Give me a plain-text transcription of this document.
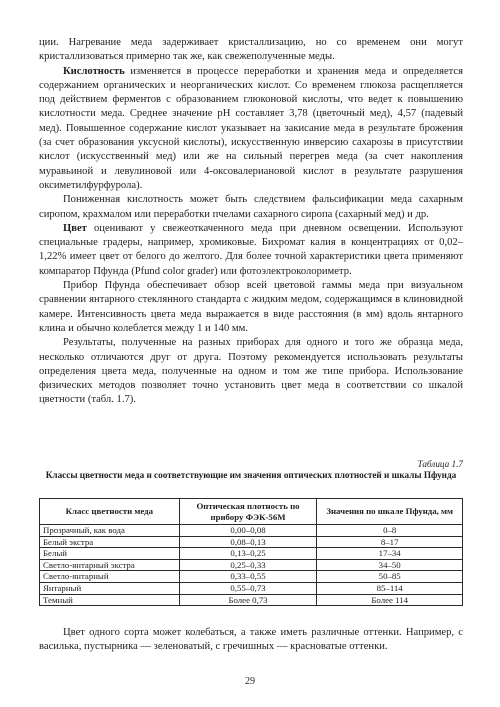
ции. Нагревание меда задерживает кристаллизацию, но со временем они могут кристаллизоваться примерно так же, как свежеполученные меды.

Кислотность изменяется в процессе переработки и хранения меда и определяется содержанием органических и неорганических кислот. Со временем глюкоза расщепляется под действием ферментов с образованием глюконовой кислоты, что ведет к повышению кислотности меда. Среднее значение рН составляет 3,78 (цветочный мед), 4,57 (падевый мед). Повышенное содержание кислот указывает на закисание меда в результате брожения (за счет образования уксусной кислоты), искусственную инверсию сахарозы в присутствии кислот (искусственный мед) или же на сильный перегрев меда (за счет накопления муравьиной и левулиновой или 4-оксовалериановой кислот в результате разрушения оксиметилфурфурола).

Пониженная кислотность может быть следствием фальсификации меда сахарным сиропом, крахмалом или переработки пчелами сахарного сиропа (сахарный мед) и др.

Цвет оценивают у свежеоткаченного меда при дневном освещении. Используют специальные градеры, например, хромиковые. Бихромат калия в концентрациях от 0,02–1,22% имеет цвет от белого до желтого. Для более точной характеристики цвета применяют компаратор Пфунда (Pfund color grader) или фотоэлектроколориметр.

Прибор Пфунда обеспечивает обзор всей цветовой гаммы меда при визуальном сравнении янтарного стеклянного стандарта с жидким медом, содержащимся в клиновидной камере. Интенсивность цвета меда выражается в виде расстояния (в мм) вдоль янтарного клина и обычно колеблется между 1 и 140 мм.

Результаты, полученные на разных приборах для одного и того же образца меда, несколько отличаются друг от друга. Поэтому рекомендуется использовать результаты определения цвета меда, полученные на одном и том же типе прибора. Использование физических методов позволяет точно установить цвет меда в соответствии со шкалой цветности (табл. 1.7).

Таблица 1.7
Классы цветности меда и соответствующие им значения оптических плотностей и шкалы Пфунда
Класс цветности меда	Оптическая плотность по прибору ФЭК-56М	Значения по шкале Пфунда, мм
Прозрачный, как вода	0,00–0,08	0–8
Белый экстра	0,08–0,13	8–17
Белый	0,13–0,25	17–34
Светло-янтарный экстра	0,25–0,33	34–50
Светло-янтарный	0,33–0,55	50–85
Янтарный	0,55–0,73	85–114
Темный	Более 0,73	Более 114

Цвет одного сорта может колебаться, а также иметь различные оттенки. Например, с василька, пустырника — зеленоватый, с гречишных — красноватые оттенки.

29
